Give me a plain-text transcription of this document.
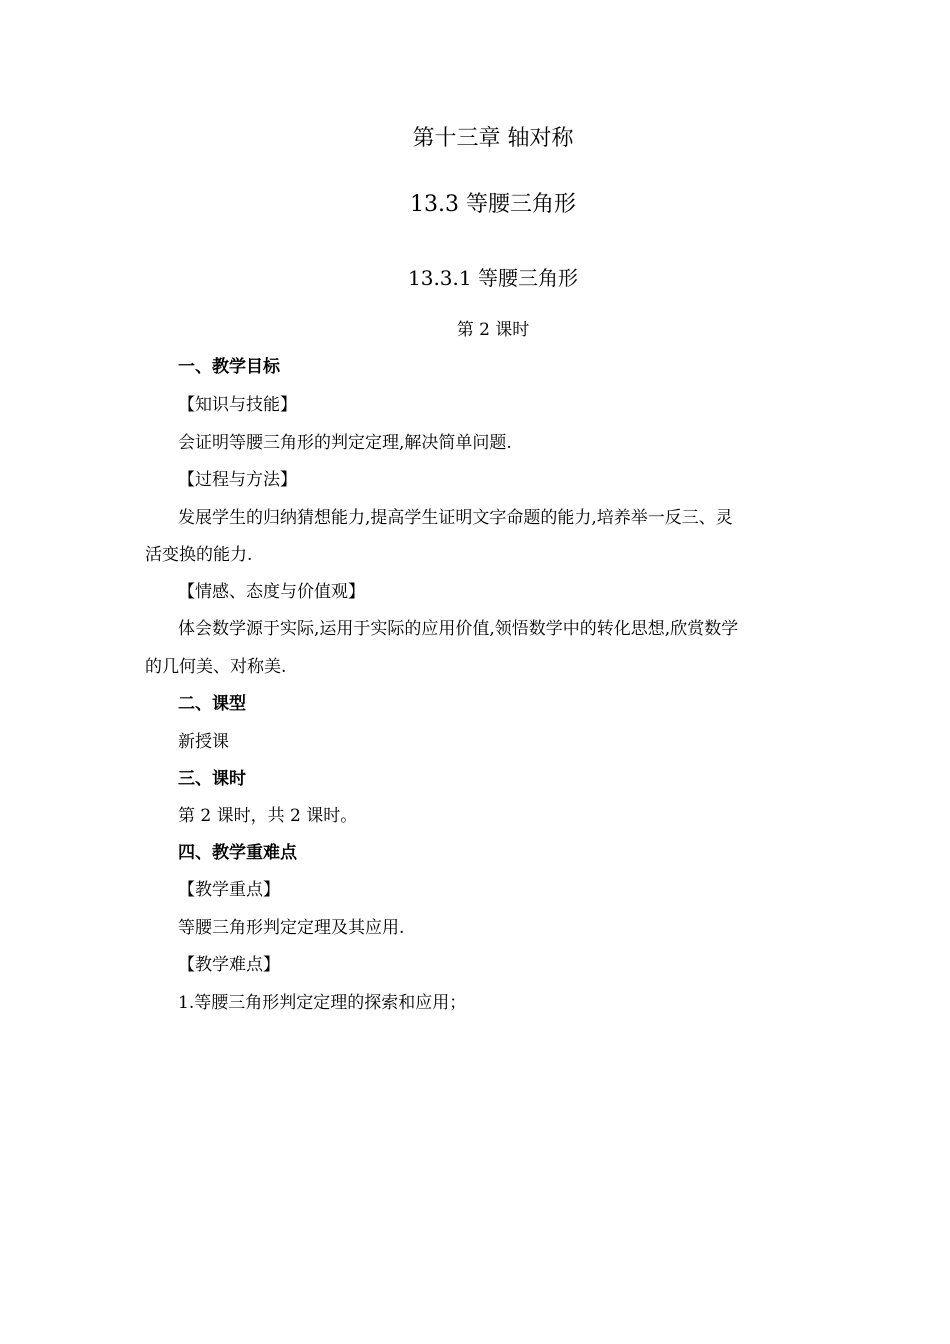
第十三章 轴对称
13.3 等腰三角形
13.3.1 等腰三角形
第 2 课时
一、教学目标
【知识与技能】
会证明等腰三角形的判定定理,解决简单问题.
【过程与方法】
发展学生的归纳猜想能力,提高学生证明文字命题的能力,培养举一反三、灵
活变换的能力.
【情感、态度与价值观】
体会数学源于实际,运用于实际的应用价值,领悟数学中的转化思想,欣赏数学
的几何美、对称美.
二、课型
新授课
三、课时
第 2 课时，共 2 课时。
四、教学重难点
【教学重点】
等腰三角形判定定理及其应用.
【教学难点】
1.等腰三角形判定定理的探索和应用；
